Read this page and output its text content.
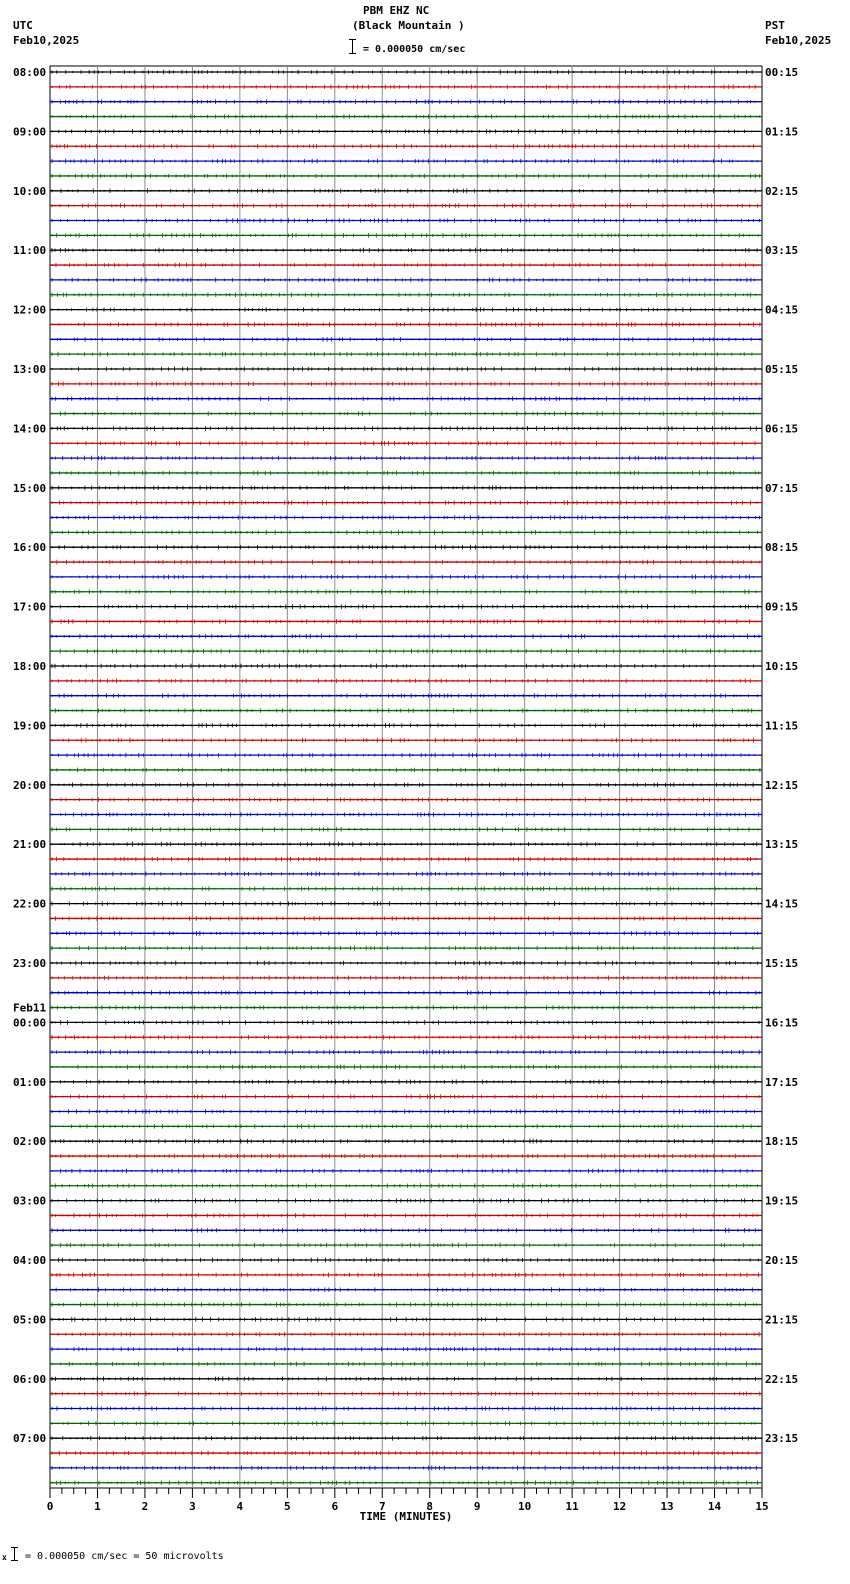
PBM EHZ NC
(Black Mountain )
= 0.000050 cm/sec
UTC
Feb10,2025
PST
Feb10,2025
08:00
09:00
10:00
11:00
12:00
13:00
14:00
15:00
16:00
17:00
18:00
19:00
20:00
21:00
22:00
23:00
00:00
Feb11
01:00
02:00
03:00
04:00
05:00
06:00
07:00
00:15
01:15
02:15
03:15
04:15
05:15
06:15
07:15
08:15
09:15
10:15
11:15
12:15
13:15
14:15
15:15
16:15
17:15
18:15
19:15
20:15
21:15
22:15
23:15
0	1	2	3	4	5	6	7	8	9	10	11	12	13	14	15
TIME (MINUTES)
x = 0.000050 cm/sec = 50 microvolts
